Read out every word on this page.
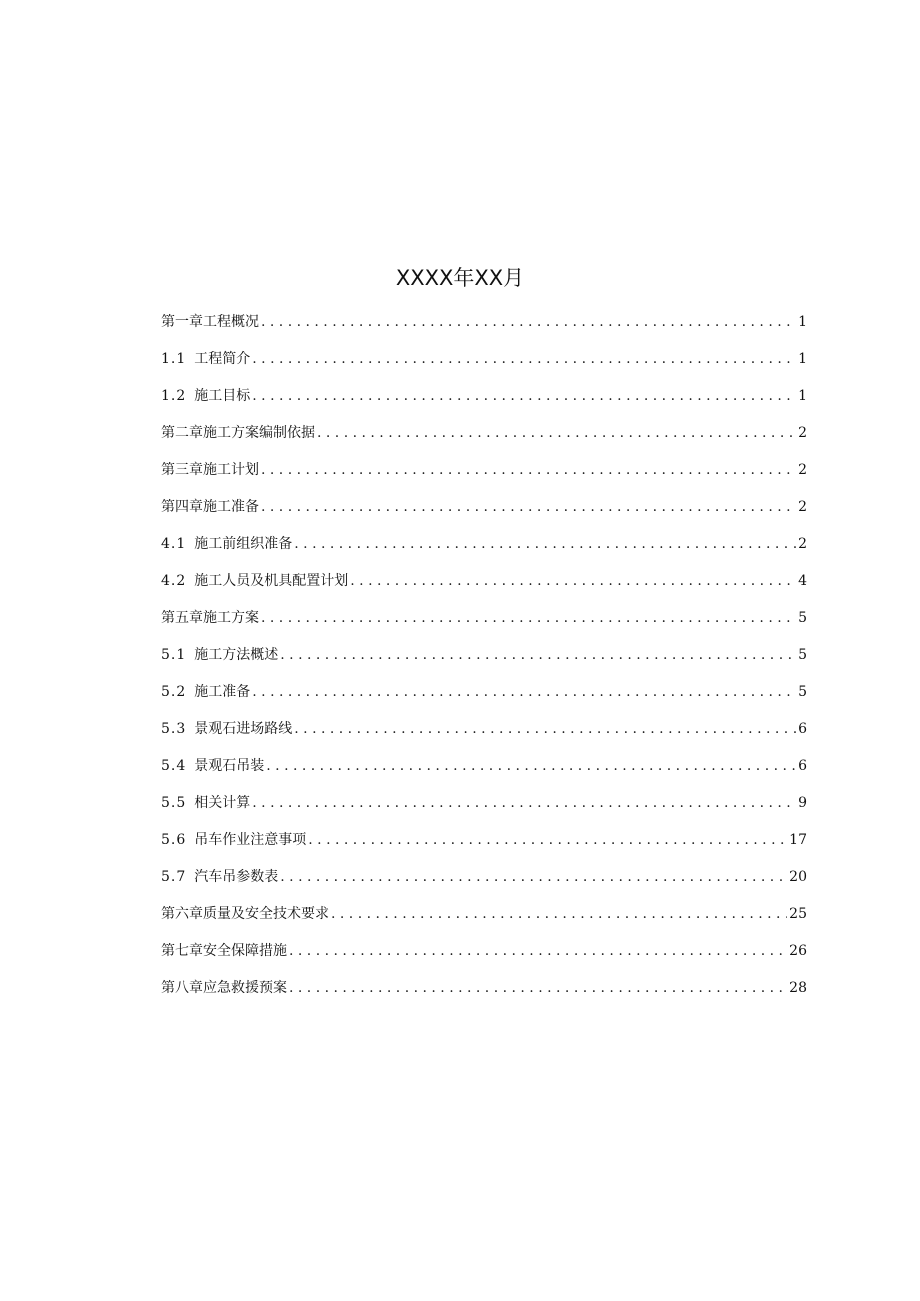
XXXX年XX月
第一章工程概况 . . .	1
1.1 工程简介 . . .	1
1.2 施工目标 . . .	1
第二章施工方案编制依据 . . .	2
第三章施工计划 . . .	2
第四章施工准备 . . .	2
4.1 施工前组织准备 . . .	2
4.2 施工人员及机具配置计划 . . .	4
第五章施工方案 . . .	5
5.1 施工方法概述 . . .	5
5.2 施工准备 . . .	5
5.3 景观石进场路线 . . .	6
5.4 景观石吊装 . . .	6
5.5 相关计算 . . .	9
5.6 吊车作业注意事项 . . .	17
5.7 汽车吊参数表 . . .	20
第六章质量及安全技术要求 . . .	25
第七章安全保障措施 . . .	26
第八章应急救援预案 . . .	28
